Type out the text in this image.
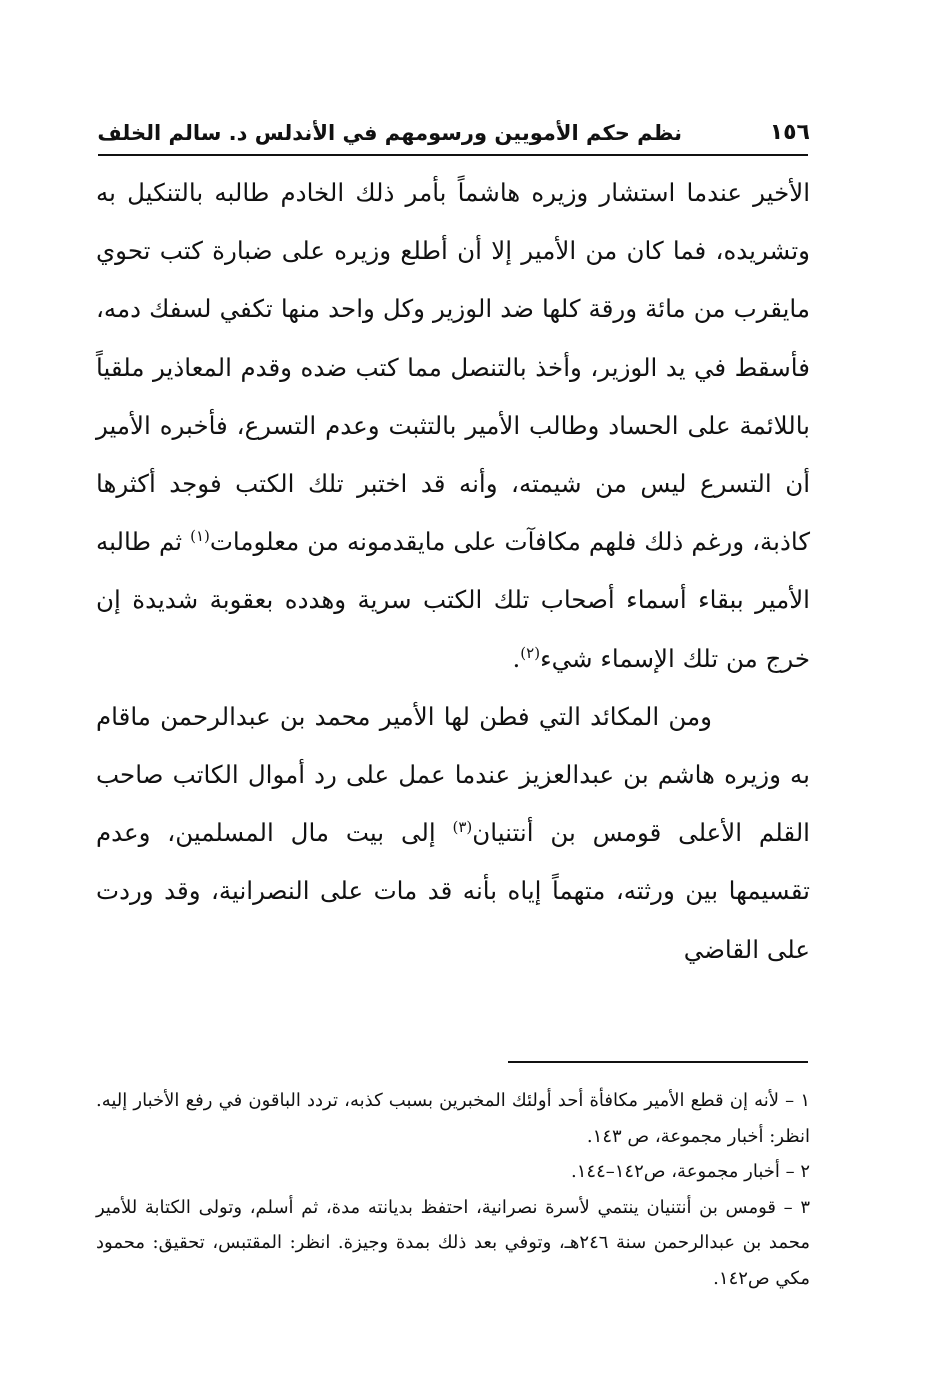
١٥٦
نظم حكم الأمويين ورسومهم في الأندلس د. سالم الخلف

الأخير عندما استشار وزيره هاشماً بأمر ذلك الخادم طالبه بالتنكيل به وتشريده، فما كان من الأمير إلا أن أطلع وزيره على ضبارة كتب تحوي مايقرب من مائة ورقة كلها ضد الوزير وكل واحد منها تكفي لسفك دمه، فأسقط في يد الوزير، وأخذ بالتنصل مما كتب ضده وقدم المعاذير ملقياً باللائمة على الحساد وطالب الأمير بالتثبت وعدم التسرع، فأخبره الأمير أن التسرع ليس من شيمته، وأنه قد اختبر تلك الكتب فوجد أكثرها كاذبة، ورغم ذلك فلهم مكافآت على مايقدمونه من معلومات$^{(١)}$ ثم طالبه الأمير ببقاء أسماء أصحاب تلك الكتب سرية وهدده بعقوبة شديدة إن خرج من تلك الإسماء شيء$^{(٢)}$.

ومن المكائد التي فطن لها الأمير محمد بن عبدالرحمن ماقام به وزيره هاشم بن عبدالعزيز عندما عمل على رد أموال الكاتب صاحب القلم الأعلى قومس بن أنتنيان$^{(٣)}$ إلى بيت مال المسلمين، وعدم تقسيمها بين ورثته، متهماً إياه بأنه قد مات على النصرانية، وقد وردت على القاضي

١ – لأنه إن قطع الأمير مكافأة أحد أولئك المخبرين بسبب كذبه، تردد الباقون في رفع الأخبار إليه. انظر: أخبار مجموعة، ص ١٤٣.

٢ – أخبار مجموعة، ص١٤٢–١٤٤.

٣ – قومس بن أنتنيان ينتمي لأسرة نصرانية، احتفظ بديانته مدة، ثم أسلم، وتولى الكتابة للأمير محمد بن عبدالرحمن سنة ٢٤٦هـ، وتوفي بعد ذلك بمدة وجيزة. انظر: المقتبس، تحقيق: محمود مكي ص١٤٢.
